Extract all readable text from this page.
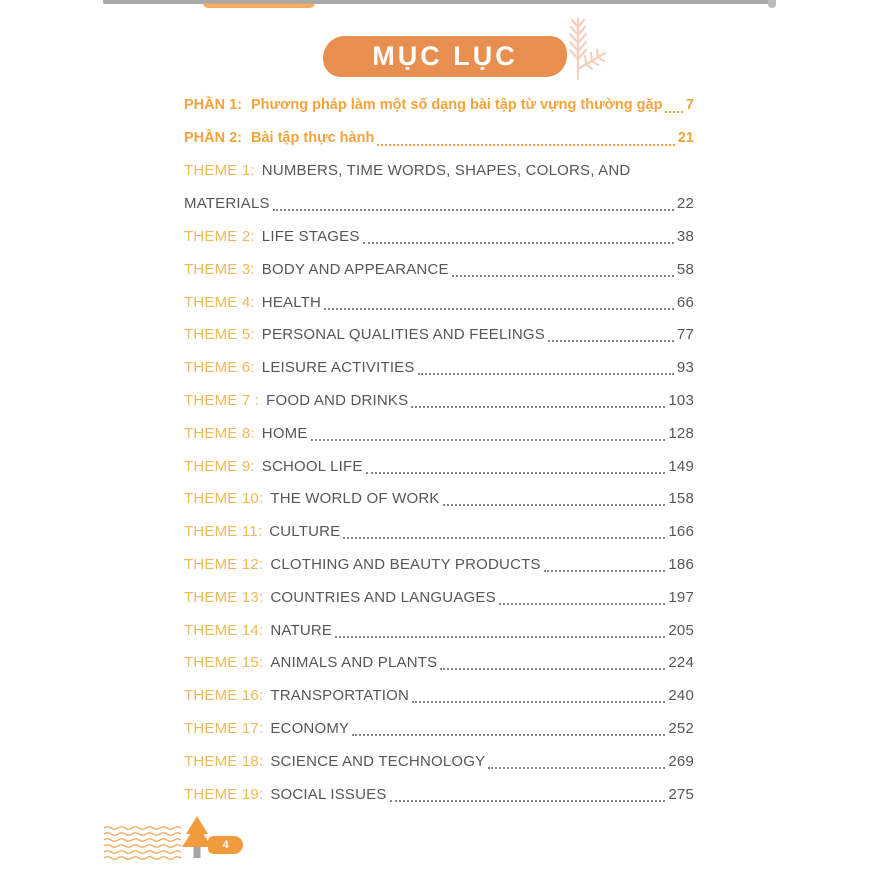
MỤC LỤC
PHẦN 1: Phương pháp làm một số dạng bài tập từ vựng thường gặp 7
PHẦN 2: Bài tập thực hành	21
THEME 1: NUMBERS, TIME WORDS, SHAPES, COLORS, AND
MATERIALS	22
THEME 2: LIFE STAGES	38
THEME 3: BODY AND APPEARANCE	58
THEME 4: HEALTH	66
THEME 5: PERSONAL QUALITIES AND FEELINGS	77
THEME 6: LEISURE ACTIVITIES	93
THEME 7 : FOOD AND DRINKS	103
THEME 8: HOME	128
THEME 9: SCHOOL LIFE	149
THEME 10: THE WORLD OF WORK	158
THEME 11: CULTURE	166
THEME 12: CLOTHING AND BEAUTY PRODUCTS	186
THEME 13: COUNTRIES AND LANGUAGES	197
THEME 14: NATURE	205
THEME 15: ANIMALS AND PLANTS	224
THEME 16: TRANSPORTATION	240
THEME 17: ECONOMY	252
THEME 18: SCIENCE AND TECHNOLOGY	269
THEME 19: SOCIAL ISSUES	275
4
